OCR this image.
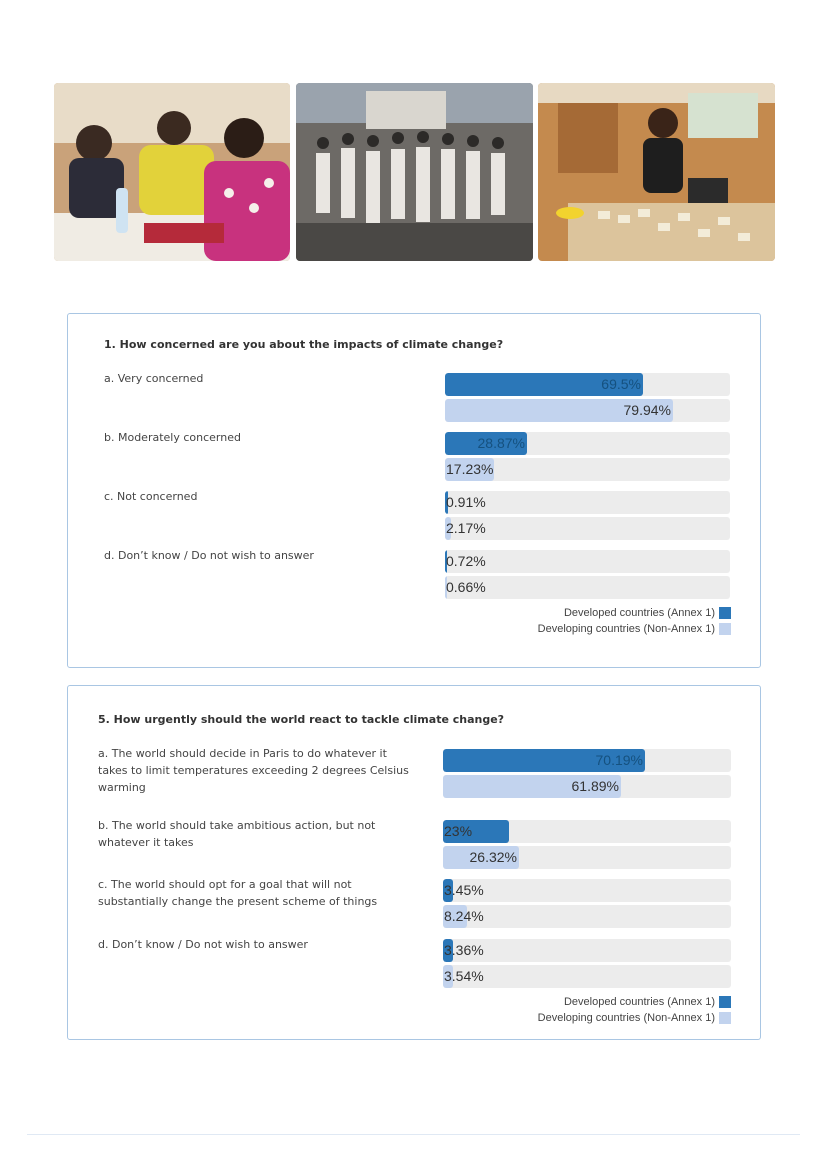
1. How concerned are you about the impacts of climate change?
a. Very concerned
b. Moderately concerned
c. Not concerned
d. Don’t know / Do not wish to answer
69.5%
79.94%
28.87%
17.23%
0.91%
2.17%
0.72%
0.66%
Developed countries (Annex 1)
Developing countries (Non-Annex 1)
5. How urgently should the world react to tackle climate change?
a. The world should decide in Paris to do whatever it takes to limit temperatures exceeding 2 degrees Celsius warming
b. The world should take ambitious action, but not whatever it takes
c. The world should opt for a goal that will not substantially change the present scheme of things
d. Don’t know / Do not wish to answer
70.19%
61.89%
23%
26.32%
3.45%
8.24%
3.36%
3.54%
Developed countries (Annex 1)
Developing countries (Non-Annex 1)
